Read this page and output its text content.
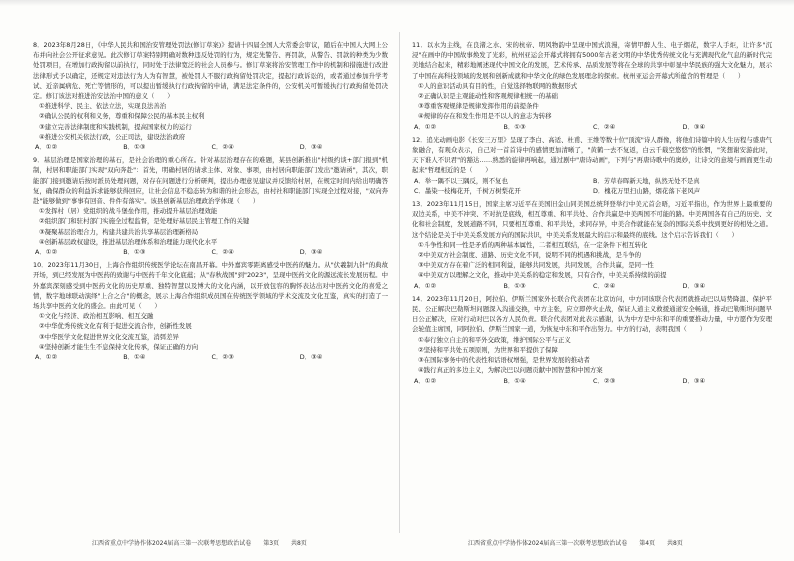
8．2023年8月28日，《中华人民共和国治安管理处罚法(修订草案)》提请十四届全国人大常委会审议，随后在中国人大网上公布并向社会公开征求意见。此次修订草案特别明确对数种违反处罚的行为，规定先警告、再罚款，从警告、罚款的种类为少数处罚项目，在增加行政拘留以前执行，同时处于法律宽泛的社会人员参与。修订草案将治安管理工作中的机制和措施进行改进法律形式予以确定，还规定对违法行为人为有智慧，被处罚人不服行政拘留处罚决定，提起行政诉讼的，或者通过参加升学考试、近亲属病危、死亡等情形的，可以提出暂缓执行行政拘留的申请，满足法定条件的，公安机关可暂缓执行行政拘留处罚决定。修订该法对推进治安法治中国的意义（　　）
①推进科学、民主、依法立法，实现良法善治
②确认公民的权利和义务，尊重和保障公民的基本民主权利
③建立完善法律制度和实践机制，提高国家权力的运行
④推进公安机关依法行政，公正司法，建设法治政府
A．①②	B．①③	C．②④	D．③④
9．基层治理是国家治理的基石，是社会治理的重心所在。针对基层治理存在的难题，某县创新推出"村级约谈+部门报到"机制，村居和职能部门实现"双向奔赴"：首先，明确村居的请求主体、对象、事项，由村居向职能部门发出"邀请函"，其次，职能部门接到邀请后按时派员处理问题，对存在问题进行分析研判，提出办理意见建议并反馈给村居，在规定时间内给出明确答复，确保群众的利益诉求能够获得回应，让社会信息不稳态转为和谐的社会形态，由村社和职能部门实现全过程对接，"双向奔赴"能够做到"事事有回音、件件有落实"。该县创新基层治理政治学体现（　　）
①发挥村（居）党组织的战斗堡垒作用，推动提升基层治理效能
②组织部门和驻村部门实施全过程监督，是处理好基层民主管理工作的关键
③凝聚基层治理合力，构建共建共治共享基层治理新格局
④创新基层政权建设，推进基层治理体系和治理能力现代化水平
A．①②	B．①③	C．②④	D．③④
10．2023年11月30日，上海合作组织传统医学论坛在南昌开幕。中外嘉宾零距离感受中医药的魅力。从"伏羲制九针"的典故开场，到已经发展为中医药的致谢与中医药千年文化底蕴；从"春秋战国"到"2023"，呈现中医药文化的源远流长发展历程。中外嘉宾深刻感受到中医药文化的历史厚重、独特智慧以及博大的文化内涵，以开放包容的胸怀表达出对中医药文化的喜爱之情，数字地球联动演绎"上合之合"的概念，展示上海合作组织成员国在传统医学领域的学术交流及文化互鉴，真实的打造了一场共享中医药文化的盛会。由此可见（　　）
①文化与经济、政治相互影响、相互交融
②中华优秀传统文化有利于促进交流合作，创新性发展
③中华医学文化促进世界文化交流互鉴，消弭差异
④坚持创新才能生生不息保持文化传承，保证正确的方向
A．①②	B．①④	C．②③	D．③④
11．以水为主线，在良渚之水、宋的杭帝、明风物韵中呈现中国式浪漫，寄情甲醉人生、电子烟花，数字人手炬，让许多"沉浸"在画中的中国故事焕发了光彩，杭州亚运会开幕式将拥有5000年古老文明的中华优秀传统文化与充满现代化气息的新时代完美地结合起来，精彩地阐述现代中国文化的发展，艺术传承、品质发展等将在全球的共享中彰显中华民族的强大文化魅力，展示了中国在高科技领域的发展和创新成就和中华文化的绿色发展理念的探索。杭州亚运会开幕式所蕴含的哲理是（　　）
①人的意识活动具有目的性，自觉选择物联网的数据形式
②正确认识是主观能动性和客观规律相统一的基础
③尊重客观规律是规律发挥作用的前提条件
④规律的存在和发生作用是不以人的意志为转移
A．①②	B．①③	C．②④	D．③④
12．追光动画电影《长安三万里》呈现了李白、高适、杜甫、王维等数十位"顶流"诗人群像，将他们诗篇中的人生历程与盛唐气象融合，有观众表示，自己对一首首诗中的感情更加清晰了，"黄鹤一去不复返，白云千载空悠悠"的怅惘，"笑想谢安游此时，天下谁人不识君"的豁达……熟悉的旋律再响起，通过剧中"唐诗动画"，下列与"再唐诗歌中的奥妙，让诗文的意境与画面更生动起来"哲理相近的是（　　）
A．举一隅不以三隅反，则不复也	B．芳草春晖新天地，纵然无处不是真
C．墨染一枝梅花开，千树万树梨花开	D．槐花万里扫山路，烟花落下老风声
13．2023年11月15日，国家主席习近平在美国旧金山同美国总统拜登举行中美元首会晤，习近平指出，作为世界上最重要的双边关系，中美不冲突、不对抗是底线，相互尊重、和平共处、合作共赢是中美两国不可能的路。中美两国各有自己的历史、文化和社会制度，发展道路不同，只要相互尊重、和平共处，求同存异，中美合作就能在复杂的国际关系中找到更好的相处之道。这个结论是关于中美关系发展方向的国际共识，中美关系发展最大的启示和最终的底线。这个启示告诉我们（　　）
①斗争性和同一性是矛盾的两种基本属性，二者相互联结，在一定条件下相互转化
②中美双方社会制度、道路、历史文化不同，说明不同的机遇和挑战，是斗争的
③中美双方存在着广泛的相同利益，能够共同发展，共同发展，合作共赢，是同一性
④中美双方以理解之文化，推动中美关系的稳定和发展，只有合作，中美关系持续的前提
A．①②	B．①③	C．②④	D．③④
14．2023年11月20日，阿拉伯、伊斯兰国家外长联合代表团在北京访问，中方同该联合代表团就推动巴以局势降温、保护平民、公正解决巴勒斯坦问题深入沟通交换，中方主张，应立即停火止战，保证人道主义救援通道安全畅通，推动巴勒斯坦问题早日公正解决，应对行动对巴以各方人民负责。联合代表团对此表示感谢，认为中方是中东和平的重要推动力量，中方愿作为安理会轮值主席国，同阿拉伯、伊斯兰国家一道，为恢复中东和平作出努力。中方的行动，表明我国（　　）
①奉行独立自主的和平外交政策，维护国际公平与正义
②坚持和平共处五项原则，为世界和平提供了保障
③在国际事务中的代表性和话语权增强，是世界发展的推动者
④践行真正的多边主义，为解决巴以问题贡献中国智慧和中国方案
A．①②	B．①④	C．②③	D．③④
江西省重点中学协作体2024届高三第一次联考思想政治试卷 第3页 共8页	江西省重点中学协作体2024届高三第一次联考思想政治试卷 第4页 共8页
